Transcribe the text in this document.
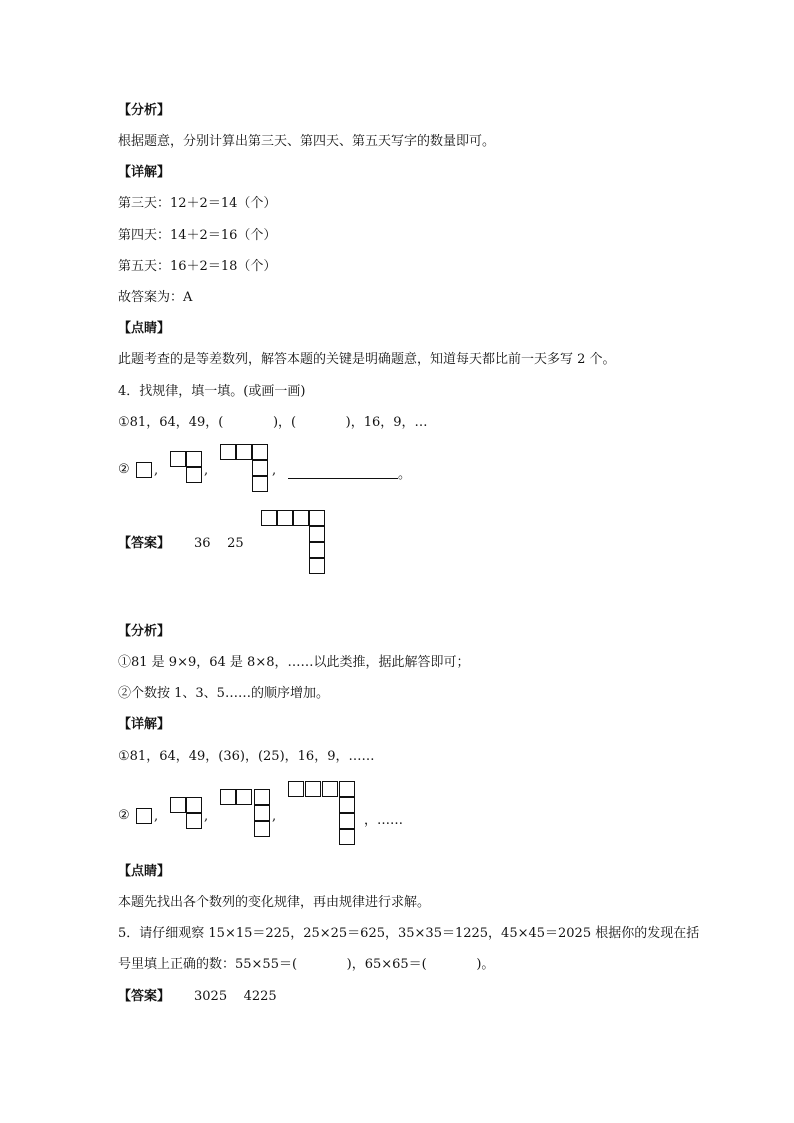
【分析】
根据题意，分别计算出第三天、第四天、第五天写字的数量即可。
【详解】
第三天：12＋2＝14（个）
第四天：14＋2＝16（个）
第五天：16＋2＝18（个）
故答案为：A
【点睛】
此题考查的是等差数列，解答本题的关键是明确题意，知道每天都比前一天多写 2 个。
4．找规律，填一填。(或画一画)
①81，64，49，(            )，(            )，16，9，…
② ,	,	,	。
【答案】 36    25
【分析】
①81 是 9×9，64 是 8×8，……以此类推，据此解答即可；
②个数按 1、3、5……的顺序增加。
【详解】
①81，64，49，(36)，(25)，16，9，……
② ,	,	,	，……
【点睛】
本题先找出各个数列的变化规律，再由规律进行求解。
5．请仔细观察 15×15＝225，25×25＝625，35×35＝1225，45×45＝2025 根据你的发现在括
号里填上正确的数：55×55＝(            )，65×65＝(            )。
【答案】 3025    4225
